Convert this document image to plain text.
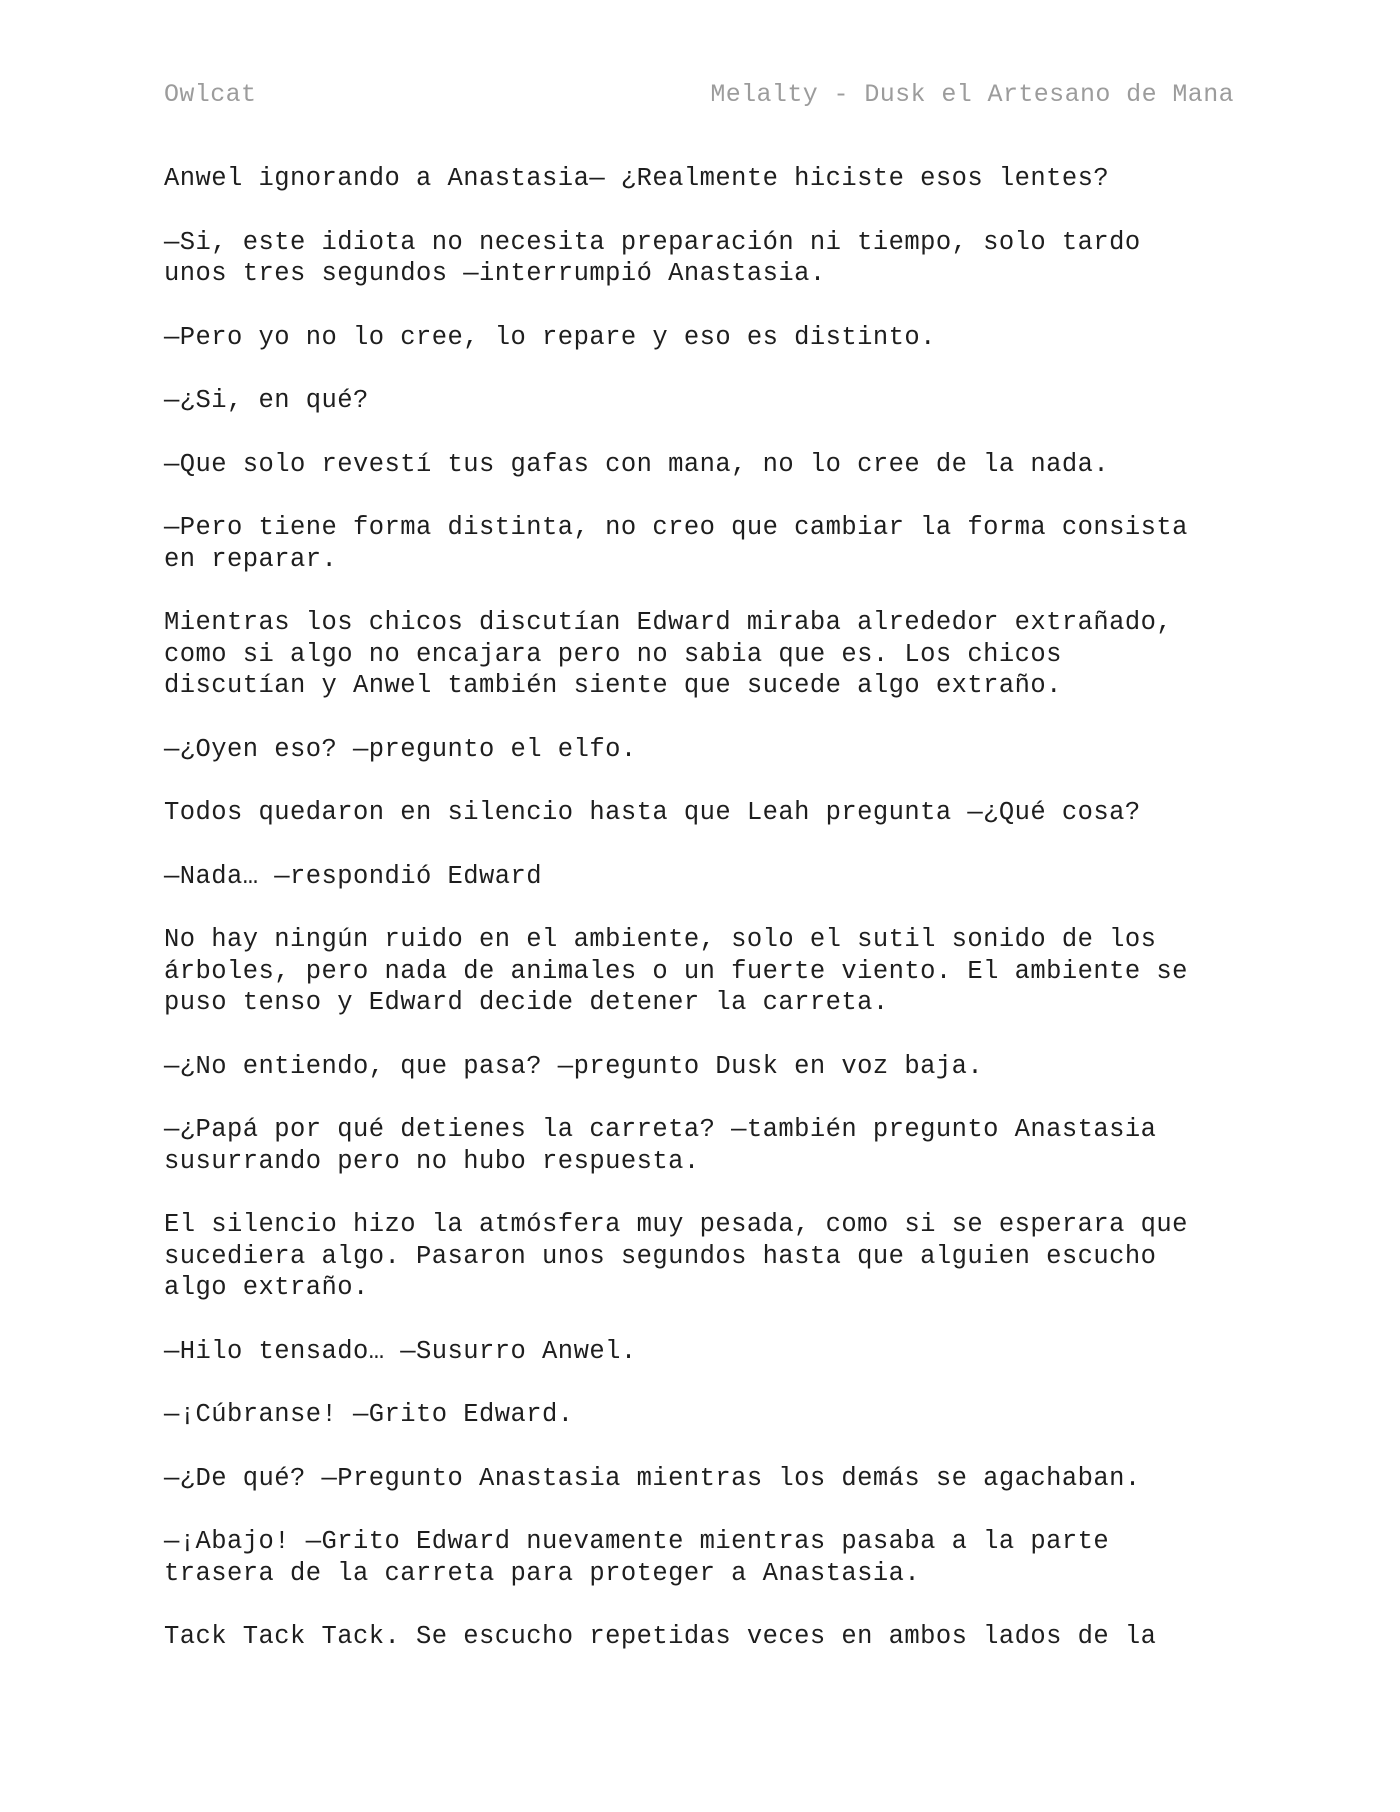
Owlcat	Melalty - Dusk el Artesano de Mana

Anwel ignorando a Anastasia— ¿Realmente hiciste esos lentes?

—Si, este idiota no necesita preparación ni tiempo, solo tardo
unos tres segundos —interrumpió Anastasia.

—Pero yo no lo cree, lo repare y eso es distinto.

—¿Si, en qué?

—Que solo revestí tus gafas con mana, no lo cree de la nada.

—Pero tiene forma distinta, no creo que cambiar la forma consista
en reparar.

Mientras los chicos discutían Edward miraba alrededor extrañado,
como si algo no encajara pero no sabia que es. Los chicos
discutían y Anwel también siente que sucede algo extraño.

—¿Oyen eso? —pregunto el elfo.

Todos quedaron en silencio hasta que Leah pregunta —¿Qué cosa?

—Nada… —respondió Edward

No hay ningún ruido en el ambiente, solo el sutil sonido de los
árboles, pero nada de animales o un fuerte viento. El ambiente se
puso tenso y Edward decide detener la carreta.

—¿No entiendo, que pasa? —pregunto Dusk en voz baja.

—¿Papá por qué detienes la carreta? —también pregunto Anastasia
susurrando pero no hubo respuesta.

El silencio hizo la atmósfera muy pesada, como si se esperara que
sucediera algo. Pasaron unos segundos hasta que alguien escucho
algo extraño.

—Hilo tensado… —Susurro Anwel.

—¡Cúbranse! —Grito Edward.

—¿De qué? —Pregunto Anastasia mientras los demás se agachaban.

—¡Abajo! —Grito Edward nuevamente mientras pasaba a la parte
trasera de la carreta para proteger a Anastasia.

Tack Tack Tack. Se escucho repetidas veces en ambos lados de la
